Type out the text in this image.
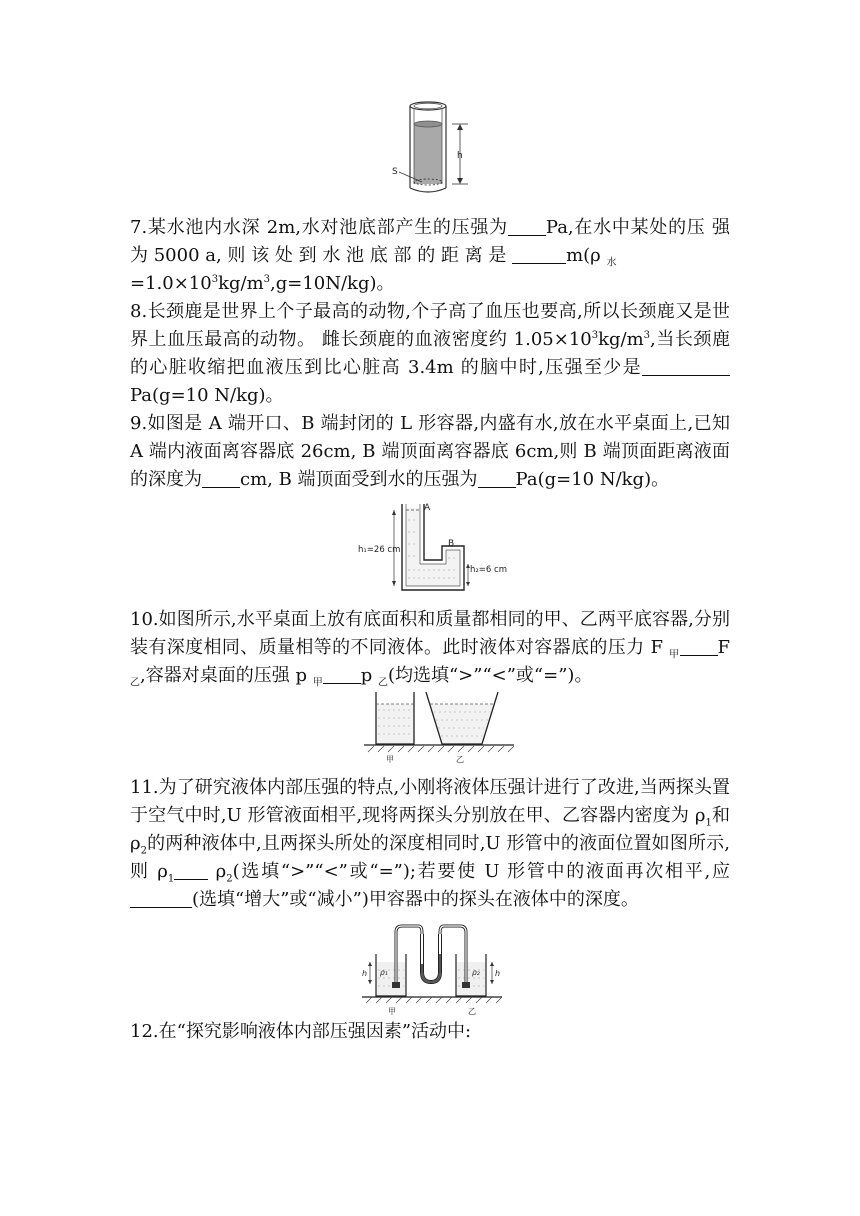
h
S
7.某水池内水深 2m,水对池底部产生的压强为 Pa,在水中某处的压 强 为 5000 a, 则 该 处 到 水 池 底 部 的 距 离 是	m(ρ $_水$
$=1.0\times 10^3kg/m^3,g=10N/kg$)。
8.长颈鹿是世界上个子最高的动物,个子高了血压也要高,所以长颈鹿又是世界上血压最高的动物。 雌长颈鹿的血液密度约 $1.05\times 10^3kg/m^3$,当长颈鹿的心脏收缩把血液压到比心脏高 3.4m 的脑中时,压强至少是Pa(g=10 N/kg)。
9.如图是 A 端开口、B 端封闭的 L 形容器,内盛有水,放在水平桌面上,已知 A 端内液面离容器底 26cm, B 端顶面离容器底 6cm,则 B 端顶面距离液面的深度为 cm, B 端顶面受到水的压强为 Pa(g=10 N/kg)。
h₁=26 cm
h₂=6 cm
A
B
10.如图所示,水平桌面上放有底面积和质量都相同的甲、乙两平底容器,分别装有深度相同、质量相等的不同液体。此时液体对容器底的压力 F $_甲$ F $_乙$,容器对桌面的压强 p $_甲$ p $_乙$(均选填“>”“<”或“=”)。
甲	乙
11.为了研究液体内部压强的特点,小刚将液体压强计进行了改进,当两探头置于空气中时,U 形管液面相平,现将两探头分别放在甲、乙容器内密度为 $\rho_1$和 $\rho_2$的两种液体中,且两探头所处的深度相同时,U 形管中的液面位置如图所示,则 $\rho_1$ $\rho_2$(选填“>”“<”或“=”);若要使 U 形管中的液面再次相平,应(选填“增大”或“减小”)甲容器中的探头在液体中的深度。
h	h
ρ₁	ρ₂
甲	乙
12.在“探究影响液体内部压强因素”活动中:
